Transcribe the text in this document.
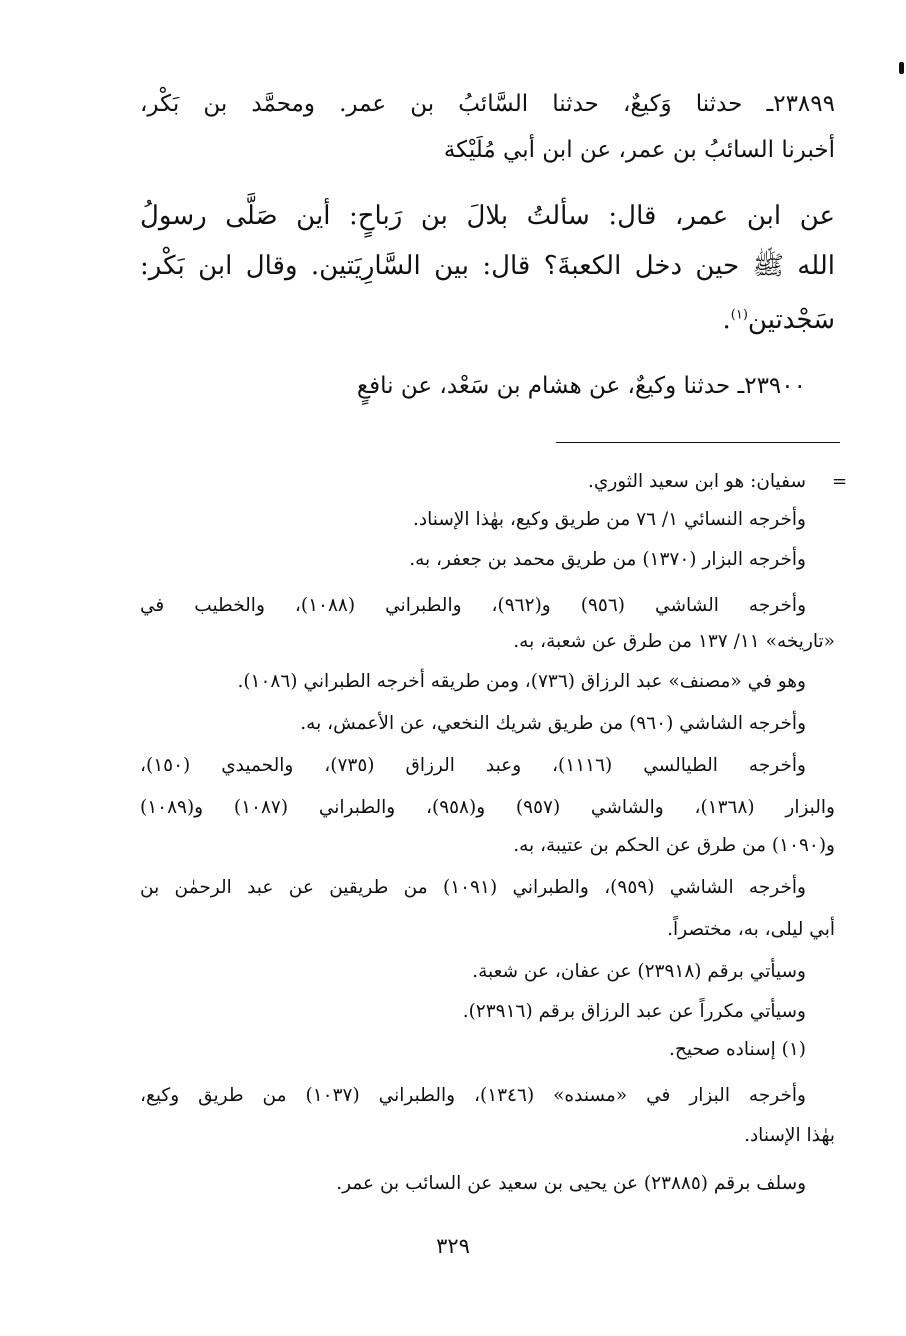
٢٣٨٩٩ـ حدثنا وَكيعٌ، حدثنا السَّائبُ بن عمر. ومحمَّد بن بَكْر،
أخبرنا السائبُ بن عمر، عن ابن أبي مُلَيْكة
عن ابن عمر، قال: سألتُ بلالَ بن رَباحٍ: أين صَلَّى رسولُ
الله ﷺ حين دخل الكعبةَ؟ قال: بين السَّارِيَتين. وقال ابن بَكْر:
سَجْدتين$^{(١)}$.
٢٣٩٠٠ـ حدثنا وكيعٌ، عن هشام بن سَعْد، عن نافعٍ
=
سفيان: هو ابن سعيد الثوري.
وأخرجه النسائي ١/ ٧٦ من طريق وكيع، بهٰذا الإسناد.
وأخرجه البزار (١٣٧٠) من طريق محمد بن جعفر، به.
وأخرجه الشاشي (٩٥٦) و(٩٦٢)، والطبراني (١٠٨٨)، والخطيب في
«تاريخه» ١١/ ١٣٧ من طرق عن شعبة، به.
وهو في «مصنف» عبد الرزاق (٧٣٦)، ومن طريقه أخرجه الطبراني (١٠٨٦).
وأخرجه الشاشي (٩٦٠) من طريق شريك النخعي، عن الأعمش، به.
وأخرجه الطيالسي (١١١٦)، وعبد الرزاق (٧٣٥)، والحميدي (١٥٠)،
والبزار (١٣٦٨)، والشاشي (٩٥٧) و(٩٥٨)، والطبراني (١٠٨٧) و(١٠٨٩)
و(١٠٩٠) من طرق عن الحكم بن عتيبة، به.
وأخرجه الشاشي (٩٥٩)، والطبراني (١٠٩١) من طريقين عن عبد الرحمٰن بن
أبي ليلى، به، مختصراً.
وسيأتي برقم (٢٣٩١٨) عن عفان، عن شعبة.
وسيأتي مكرراً عن عبد الرزاق برقم (٢٣٩١٦).
(١) إسناده صحيح.
وأخرجه البزار في «مسنده» (١٣٤٦)، والطبراني (١٠٣٧) من طريق وكيع،
بهٰذا الإسناد.
وسلف برقم (٢٣٨٨٥) عن يحيى بن سعيد عن السائب بن عمر.
٣٢٩
